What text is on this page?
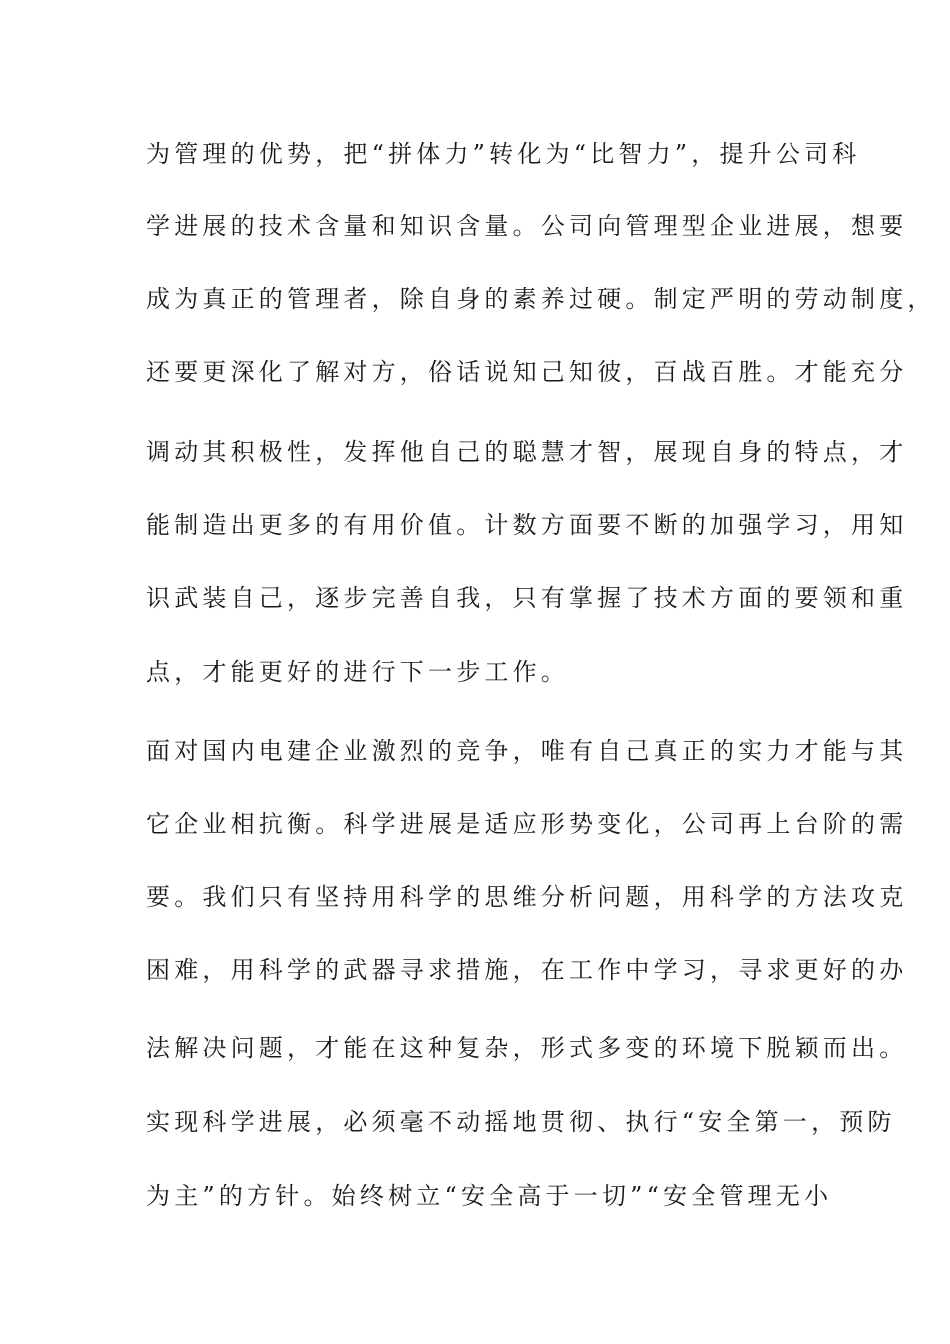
为管理的优势，把“拼体力”转化为“比智力”，提升公司科
学进展的技术含量和知识含量。公司向管理型企业进展，想要
成为真正的管理者，除自身的素养过硬。制定严明的劳动制度，
还要更深化了解对方，俗话说知己知彼，百战百胜。才能充分
调动其积极性，发挥他自己的聪慧才智，展现自身的特点，才
能制造出更多的有用价值。计数方面要不断的加强学习，用知
识武装自己，逐步完善自我，只有掌握了技术方面的要领和重
点，才能更好的进行下一步工作。
面对国内电建企业激烈的竞争，唯有自己真正的实力才能与其
它企业相抗衡。科学进展是适应形势变化，公司再上台阶的需
要。我们只有坚持用科学的思维分析问题，用科学的方法攻克
困难，用科学的武器寻求措施，在工作中学习，寻求更好的办
法解决问题，才能在这种复杂，形式多变的环境下脱颖而出。
实现科学进展，必须毫不动摇地贯彻、执行“安全第一，预防
为主”的方针。始终树立“安全高于一切”“安全管理无小
